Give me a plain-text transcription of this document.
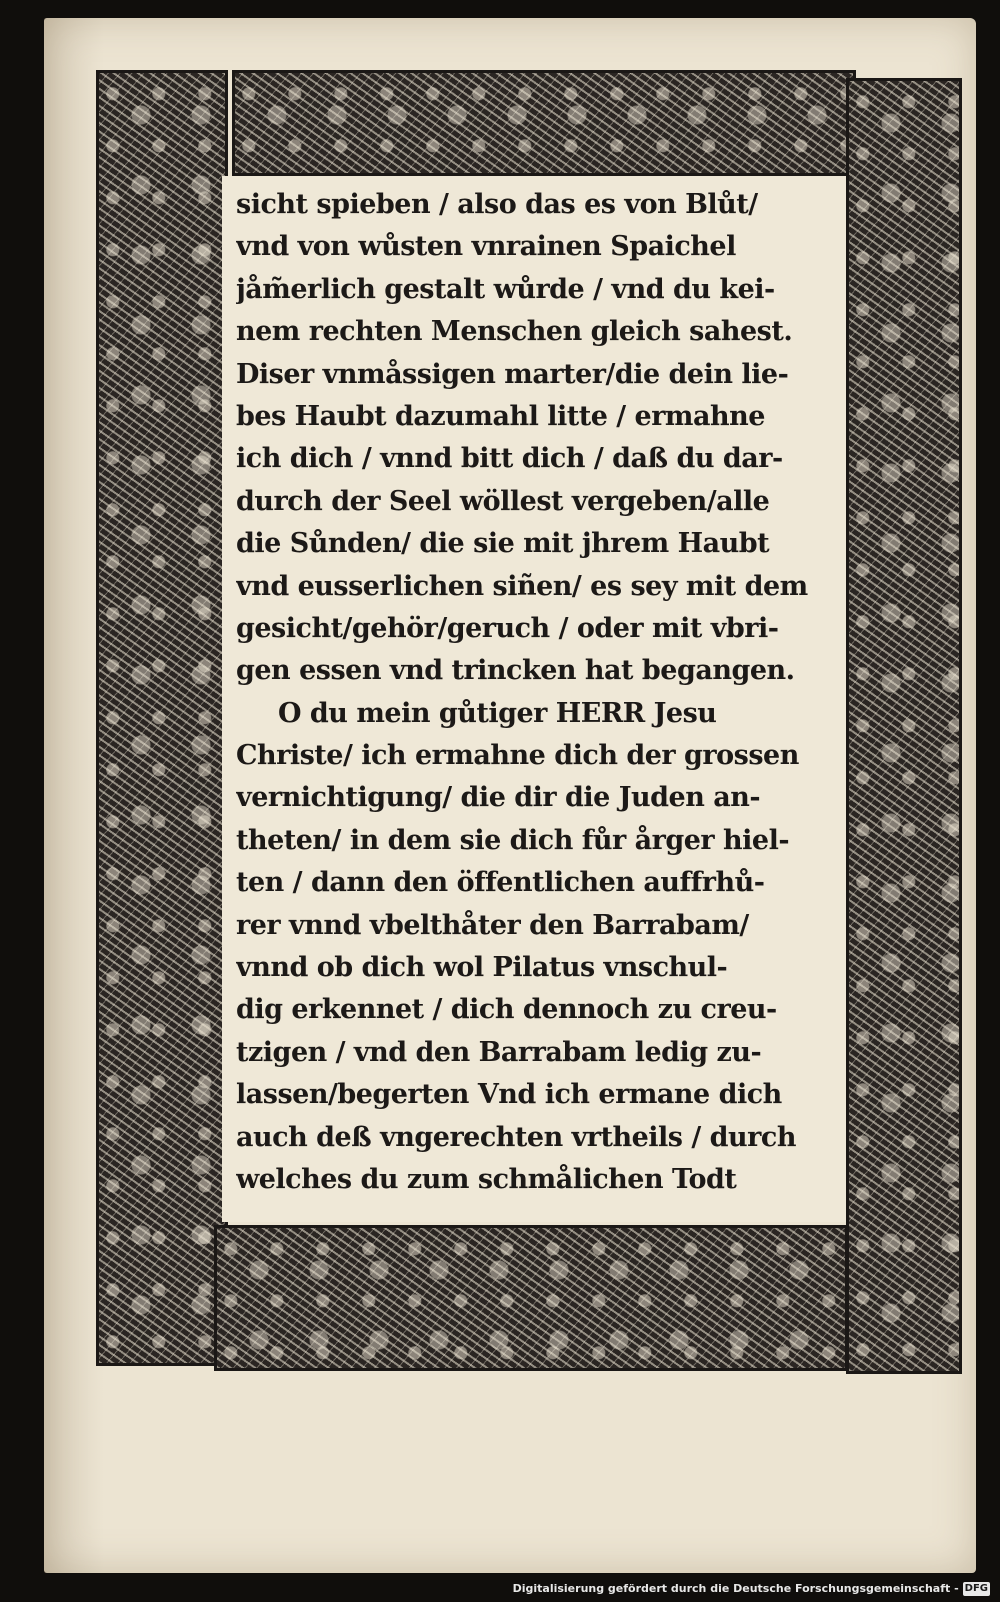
sicht spieben / also das es von Blůt/
vnd von wůsten vnrainen Spaichel
jåm̃erlich gestalt wůrde / vnd du kei-
nem rechten Menschen gleich sahest.
Diser vnmåssigen marter/die dein lie-
bes Haubt dazumahl litte / ermahne
ich dich / vnnd bitt dich / daß du dar-
durch der Seel wöllest vergeben/alle
die Sůnden/ die sie mit jhrem Haubt
vnd eusserlichen siñen/ es sey mit dem
gesicht/gehör/geruch / oder mit vbri-
gen essen vnd trincken hat begangen.
O du mein gůtiger HERR Jesu
Christe/ ich ermahne dich der grossen
vernichtigung/ die dir die Juden an-
theten/ in dem sie dich fůr årger hiel-
ten / dann den öffentlichen auffrhů-
rer vnnd vbelthåter den Barrabam/
vnnd ob dich wol Pilatus vnschul-
dig erkennet / dich dennoch zu creu-
tzigen / vnd den Barrabam ledig zu-
lassen/begerten Vnd ich ermane dich
auch deß vngerechten vrtheils / durch
welches du zum schmålichen Todt
Digitalisierung gefördert durch die Deutsche Forschungsgemeinschaft - DFG
